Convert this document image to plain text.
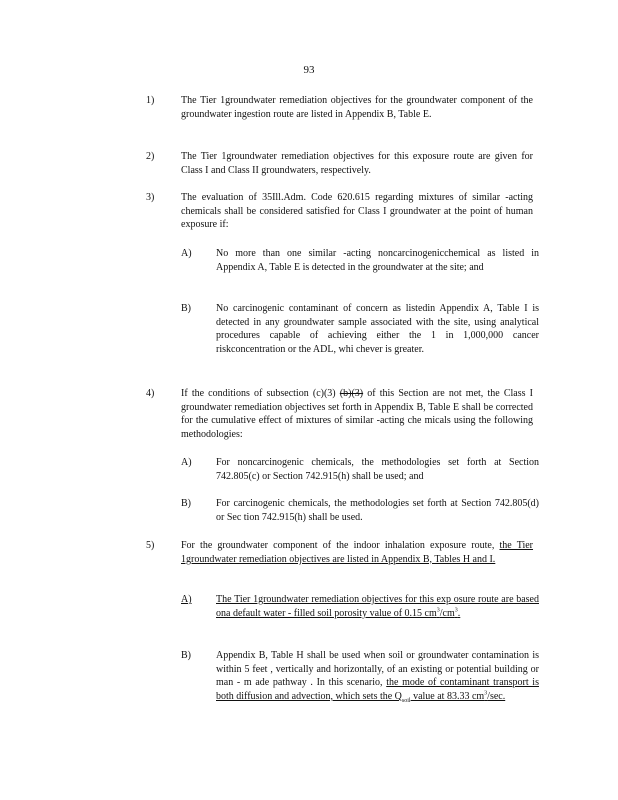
93
1)	The Tier 1groundwater remediation objectives for the groundwater component of the groundwater ingestion route are listed in Appendix B, Table E.
2)	The Tier 1groundwater remediation objectives for this exposure route are given for Class I and Class II groundwaters, respectively.
3)	The evaluation of 35Ill.Adm. Code 620.615 regarding mixtures of similar -acting chemicals shall be considered satisfied for Class I groundwater at the point of human exposure if:
A)	No more than one similar -acting noncarcinogenicchemical as listed in Appendix A, Table E is detected in the groundwater at the site; and
B)	No carcinogenic contaminant of concern as listedin Appendix A, Table I is detected in any groundwater sample associated with the site, using analytical procedures capable of achieving either the 1 in 1,000,000 cancer riskconcentration or the ADL, whi chever is greater.
4)	If the conditions of subsection (c)(3) (b)(3) of this Section are not met, the Class I groundwater remediation objectives set forth in Appendix B, Table E shall be corrected for the cumulative effect of mixtures of similar -acting che micals using the following methodologies:
A)	For noncarcinogenic chemicals, the methodologies set forth at Section 742.805(c) or Section 742.915(h) shall be used; and
B)	For carcinogenic chemicals, the methodologies set forth at Section 742.805(d) or Sec tion 742.915(h) shall be used.
5)	For the groundwater component of the indoor inhalation exposure route, the Tier 1groundwater remediation objectives are listed in Appendix B, Tables H and I.
A)	The Tier 1groundwater remediation objectives for this exp osure route are based ona default water - filled soil porosity value of 0.15 $cm^3/cm^3$.
B)	Appendix B, Table H shall be used when soil or groundwater contamination is within 5 feet , vertically and horizontally, of an existing or potential building or man - m ade pathway . In this scenario, the mode of contaminant transport is both diffusion and advection, which sets the $Q_{soil}$ value at 83.33 $cm^3/\sec$.
